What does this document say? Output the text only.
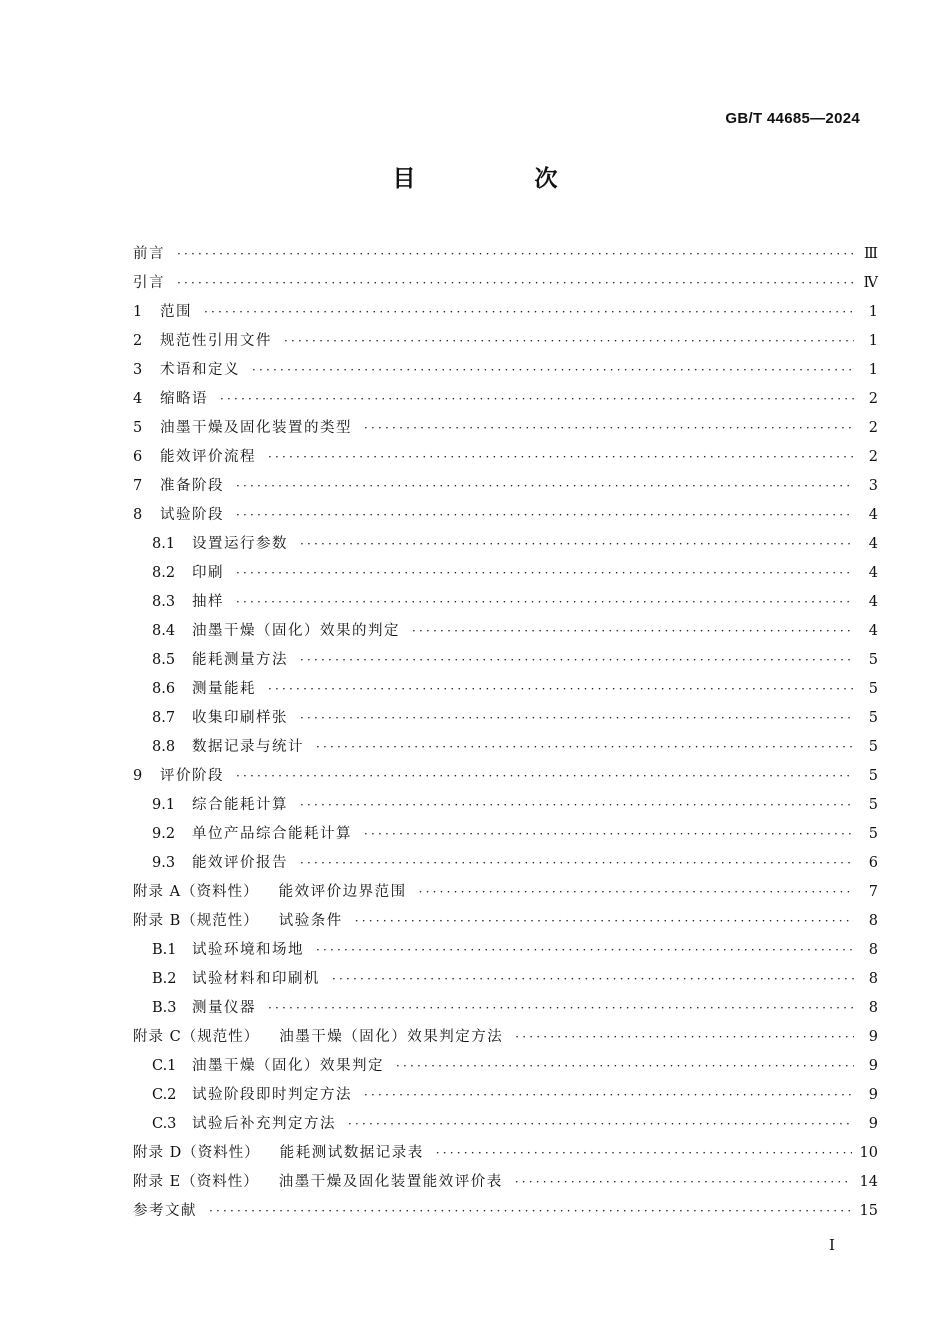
GB/T 44685—2024
目　次
前言 ·····	Ⅲ
引言 ·····	Ⅳ
1	范围 ·····	1
2	规范性引用文件 ·····	1
3	术语和定义 ·····	1
4	缩略语 ·····	2
5	油墨干燥及固化装置的类型 ·····	2
6	能效评价流程 ·····	2
7	准备阶段 ·····	3
8	试验阶段 ·····	4
8.1	设置运行参数 ·····	4
8.2	印刷 ·····	4
8.3	抽样 ·····	4
8.4	油墨干燥（固化）效果的判定 ·····	4
8.5	能耗测量方法 ·····	5
8.6	测量能耗 ·····	5
8.7	收集印刷样张 ·····	5
8.8	数据记录与统计 ·····	5
9	评价阶段 ·····	5
9.1	综合能耗计算 ·····	5
9.2	单位产品综合能耗计算 ·····	5
9.3	能效评价报告 ·····	6
附录 A（资料性） 能效评价边界范围 ·····	7
附录 B（规范性） 试验条件 ·····	8
B.1	试验环境和场地 ·····	8
B.2	试验材料和印刷机 ·····	8
B.3	测量仪器 ·····	8
附录 C（规范性） 油墨干燥（固化）效果判定方法 ·····	9
C.1	油墨干燥（固化）效果判定 ·····	9
C.2	试验阶段即时判定方法 ·····	9
C.3	试验后补充判定方法 ·····	9
附录 D（资料性） 能耗测试数据记录表 ·····	10
附录 E（资料性） 油墨干燥及固化装置能效评价表 ·····	14
参考文献 ·····	15
Ⅰ
